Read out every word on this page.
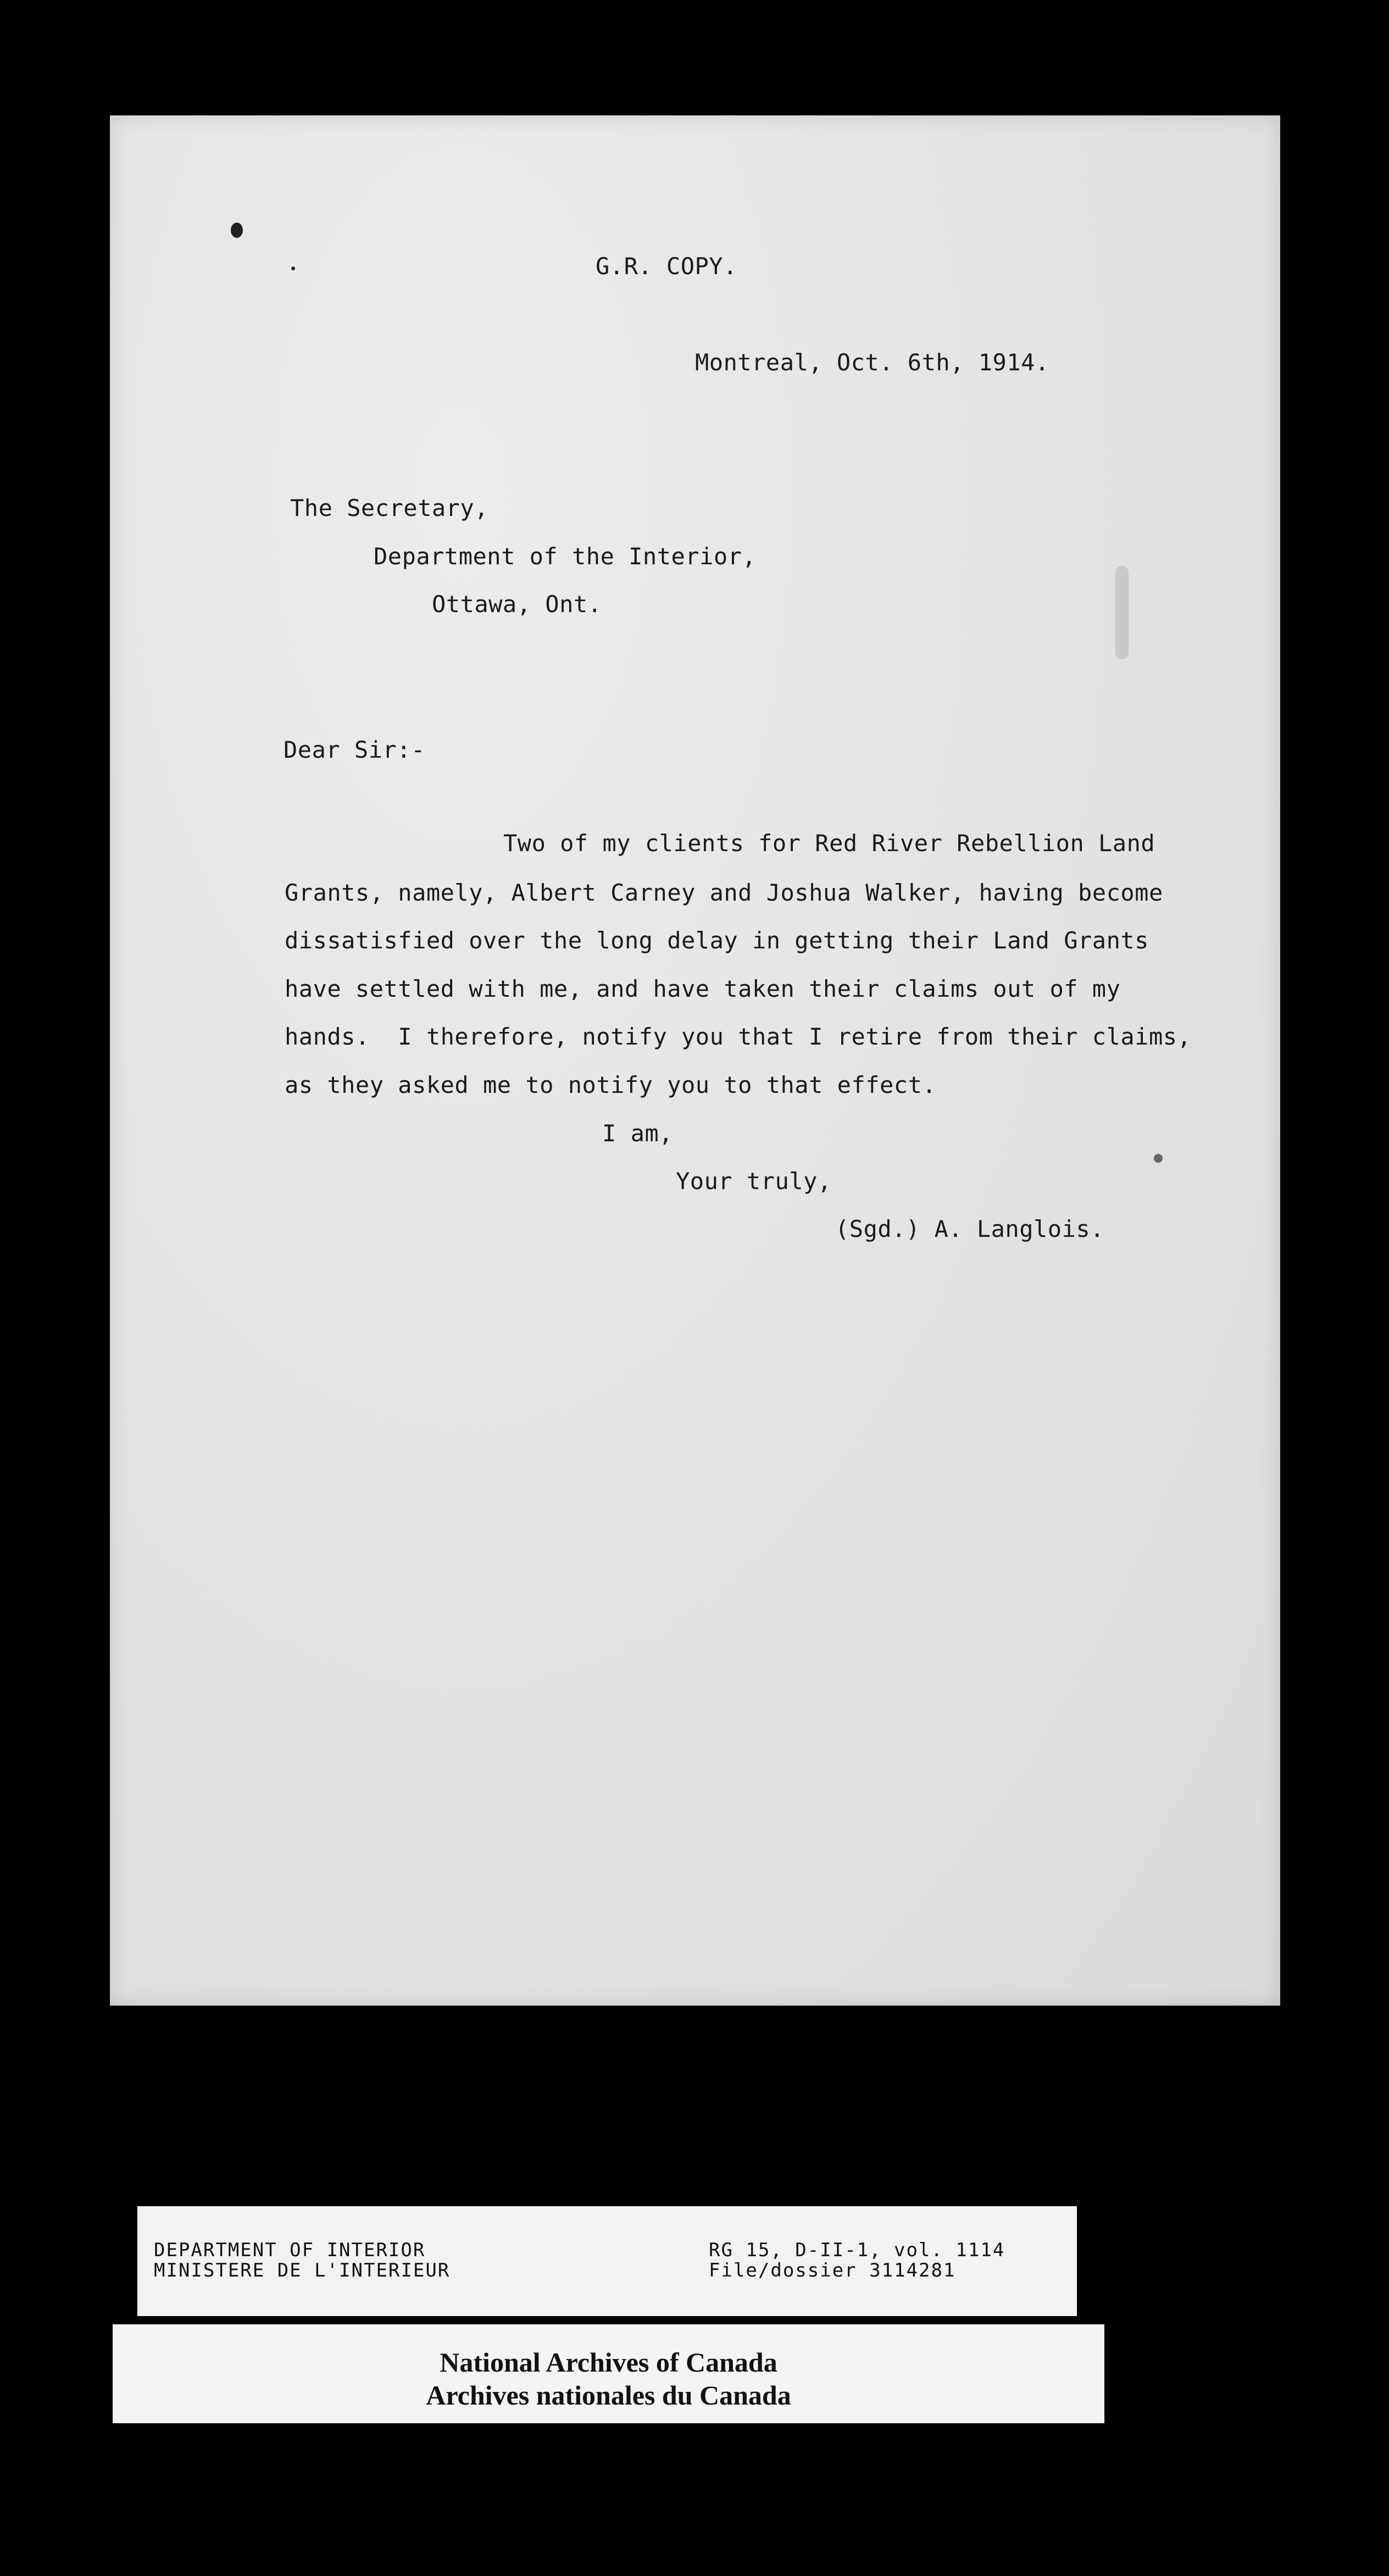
G.R. COPY.
Montreal, Oct. 6th, 1914.
The Secretary,
Department of the Interior,
Ottawa, Ont.
Dear Sir:-
Two of my clients for Red River Rebellion Land
Grants, namely, Albert Carney and Joshua Walker, having become
dissatisfied over the long delay in getting their Land Grants
have settled with me, and have taken their claims out of my
hands.  I therefore, notify you that I retire from their claims,
as they asked me to notify you to that effect.
I am,
Your truly,
(Sgd.) A. Langlois.
DEPARTMENT OF INTERIOR
MINISTERE DE L'INTERIEUR
RG 15, D-II-1, vol. 1114
File/dossier 3114281
National Archives of Canada
Archives nationales du Canada
